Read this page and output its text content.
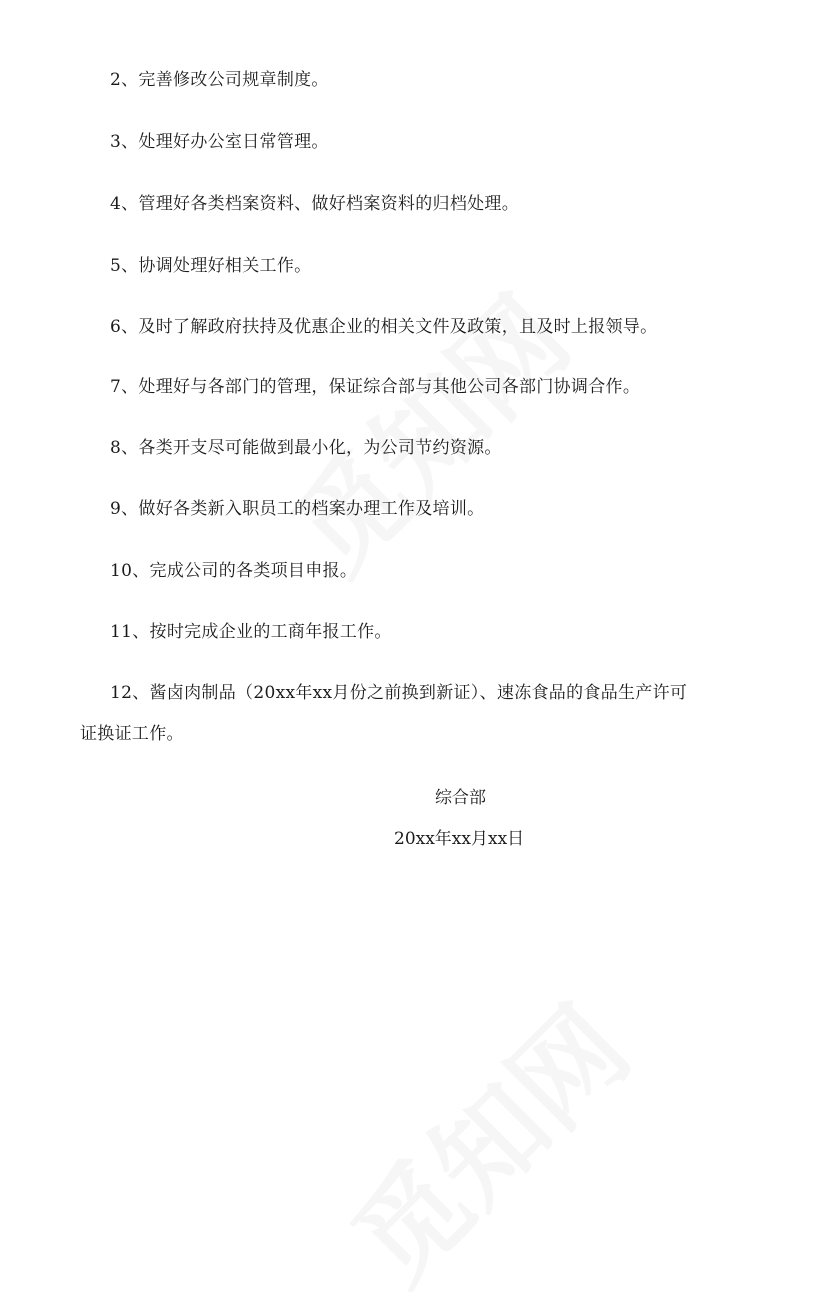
2、完善修改公司规章制度。

3、处理好办公室日常管理。

4、管理好各类档案资料、做好档案资料的归档处理。

5、协调处理好相关工作。

6、及时了解政府扶持及优惠企业的相关文件及政策，且及时上报领导。

7、处理好与各部门的管理，保证综合部与其他公司各部门协调合作。

8、各类开支尽可能做到最小化，为公司节约资源。

9、做好各类新入职员工的档案办理工作及培训。

10、完成公司的各类项目申报。

11、按时完成企业的工商年报工作。

12、酱卤肉制品（20xx年xx月份之前换到新证）、速冻食品的食品生产许可

证换证工作。

综合部

20xx年xx月xx日
